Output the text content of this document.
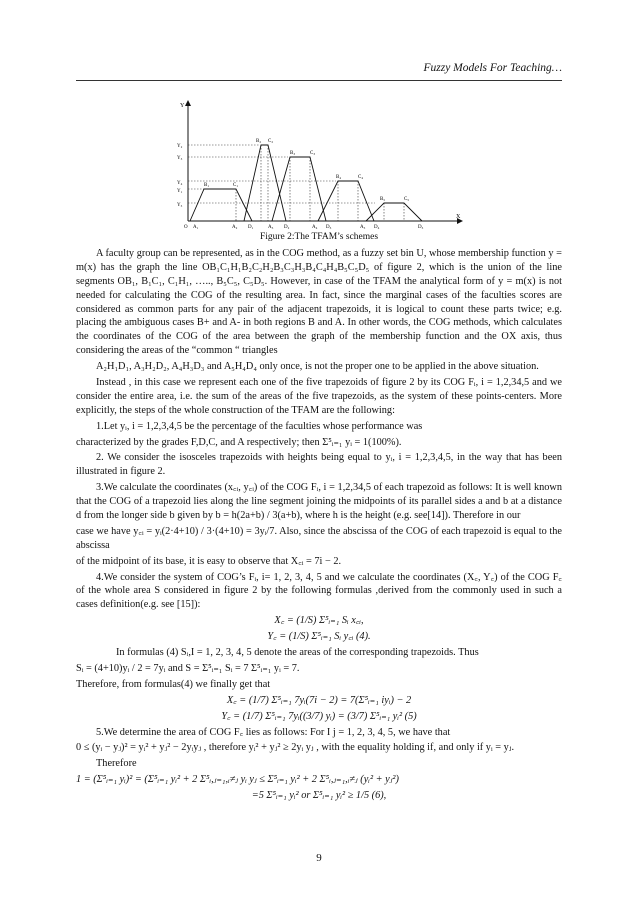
Fuzzy Models For Teaching…
Y
X
Y₂
Y₃
Y₄
Y₁
Y₅
B₁	C₁
B₂ C₂
B₃	C₃
B₄	C₄
B₅	C₅
O A₁	A₂ D₁	A₃ D₂	A₄ D₃	A₅ D₄	D₅
Figure 2:The TFAM’s schemes

A faculty group can be represented, as in the COG method, as a fuzzy set bin U, whose membership function y = m(x) has the graph the line OB₁C₁H₁B₂C₂H₂B₃C₃H₃B₄C₄H₄B₅C₅D₅ of figure 2, which is the union of the line segments OB₁, B₁C₁, C₁H₁, ….., B₅C₅, C₅D₅. However, in case of the TFAM the analytical form of y = m(x) is not needed for calculating the COG of the resulting area. In fact, since the marginal cases of the faculties scores are considered as common parts for any pair of the adjacent trapezoids, it is logical to count these parts twice; e.g. placing the ambiguous cases B+ and A- in both regions B and A. In other words, the COG methods, which calculates the coordinates of the COG of the area between the graph of the membership function and the OX axis, thus considering the areas of the “common “ triangles

A₂H₁D₁, A₃H₂D₂, A₄H₃D₃ and A₅H₄D₄ only once, is not the proper one to be applied in the above situation.

Instead , in this case we represent each one of the five trapezoids of figure 2 by its COG Fᵢ, i = 1,2,34,5 and we consider the entire area, i.e. the sum of the areas of the five trapezoids, as the system of these points-centers. More explicitly, the steps of the whole construction of the TFAM are the following:

1.Let yᵢ, i = 1,2,3,4,5 be the percentage of the faculties whose performance was

characterized by the grades F,D,C, and A respectively; then Σ⁵ᵢ₌₁ yᵢ = 1(100%).

2. We consider the isosceles trapezoids with heights being equal to yᵢ, i = 1,2,3,4,5, in the way that has been illustrated in figure 2.

3.We calculate the coordinates (x꜀ᵢ, y꜀ᵢ) of the COG Fᵢ, i = 1,2,34,5 of each trapezoid as follows: It is well known that the COG of a trapezoid lies along the line segment joining the midpoints of its parallel sides a and b at a distance d from the longer side b given by b = h(2a+b) / 3(a+b), where h is the height (e.g. see[14]). Therefore in our

case we have y꜀ᵢ = yᵢ(2·4+10) / 3·(4+10) = 3yᵢ/7. Also, since the abscissa of the COG of each trapezoid is equal to the abscissa

of the midpoint of its base, it is easy to observe that X꜀ᵢ = 7i − 2.

4.We consider the system of COG’s Fᵢ, i= 1, 2, 3, 4, 5 and we calculate the coordinates (X꜀, Y꜀) of the COG F꜀ of the whole area S considered in figure 2 by the following formulas ,derived from the commonly used in such a cases definition(e.g. see [15]):

X꜀ = (1/S) Σ⁵ᵢ₌₁ Sᵢ x꜀ᵢ,

Y꜀ = (1/S) Σ⁵ᵢ₌₁ Sᵢ y꜀ᵢ (4).

In formulas (4) Sᵢ,I = 1, 2, 3, 4, 5 denote the areas of the corresponding trapezoids. Thus

Sᵢ = (4+10)yᵢ / 2 = 7yᵢ and S = Σ⁵ᵢ₌₁ Sᵢ = 7 Σ⁵ᵢ₌₁ yᵢ = 7.

Therefore, from formulas(4) we finally get that

X꜀ = (1/7) Σ⁵ᵢ₌₁ 7yᵢ(7i − 2) = 7(Σ⁵ᵢ₌₁ iyᵢ) − 2

Y꜀ = (1/7) Σ⁵ᵢ₌₁ 7yᵢ((3/7) yᵢ) = (3/7) Σ⁵ᵢ₌₁ yᵢ² (5)

5.We determine the area of COG F꜀ lies as follows: For I j = 1, 2, 3, 4, 5, we have that

0 ≤ (yᵢ − yⱼ)² = yᵢ² + yⱼ² − 2yᵢyⱼ , therefore yᵢ² + yⱼ² ≥ 2yᵢ yⱼ , with the equality holding if, and only if yᵢ = yⱼ.

Therefore

1 = (Σ⁵ᵢ₌₁ yᵢ)² = (Σ⁵ᵢ₌₁ yᵢ² + 2 Σ⁵ᵢ,ⱼ₌₁,ᵢ≠ⱼ yᵢ yⱼ ≤ Σ⁵ᵢ₌₁ yᵢ² + 2 Σ⁵ᵢ,ⱼ₌₁,ᵢ≠ⱼ (yᵢ² + yⱼ²)

=5 Σ⁵ᵢ₌₁ yᵢ² or Σ⁵ᵢ₌₁ yᵢ² ≥ 1/5 (6),

9
